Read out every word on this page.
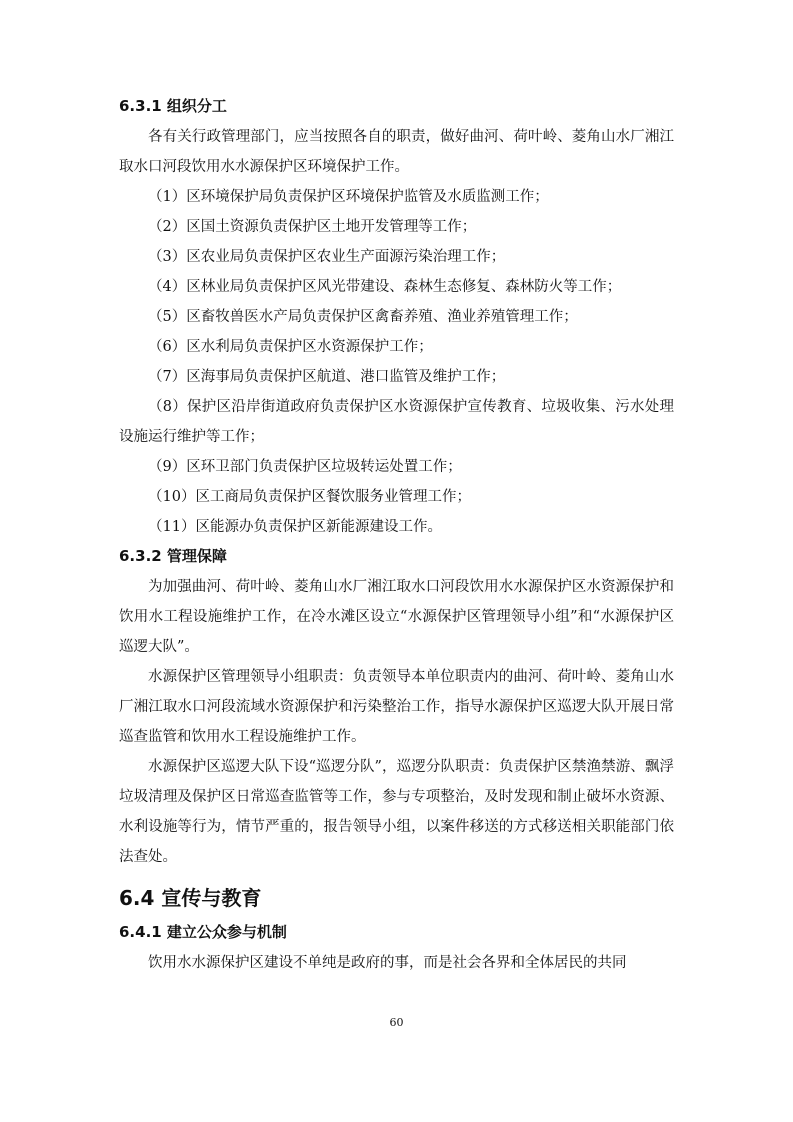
6.3.1 组织分工

各有关行政管理部门，应当按照各自的职责，做好曲河、荷叶岭、菱角山水厂湘江取水口河段饮用水水源保护区环境保护工作。

（1）区环境保护局负责保护区环境保护监管及水质监测工作；

（2）区国土资源负责保护区土地开发管理等工作；

（3）区农业局负责保护区农业生产面源污染治理工作；

（4）区林业局负责保护区风光带建设、森林生态修复、森林防火等工作；

（5）区畜牧兽医水产局负责保护区禽畜养殖、渔业养殖管理工作；

（6）区水利局负责保护区水资源保护工作；

（7）区海事局负责保护区航道、港口监管及维护工作；

（8）保护区沿岸街道政府负责保护区水资源保护宣传教育、垃圾收集、污水处理设施运行维护等工作；

（9）区环卫部门负责保护区垃圾转运处置工作；

（10）区工商局负责保护区餐饮服务业管理工作；

（11）区能源办负责保护区新能源建设工作。

6.3.2 管理保障

为加强曲河、荷叶岭、菱角山水厂湘江取水口河段饮用水水源保护区水资源保护和饮用水工程设施维护工作，在冷水滩区设立“水源保护区管理领导小组”和“水源保护区巡逻大队”。

水源保护区管理领导小组职责：负责领导本单位职责内的曲河、荷叶岭、菱角山水厂湘江取水口河段流域水资源保护和污染整治工作，指导水源保护区巡逻大队开展日常巡查监管和饮用水工程设施维护工作。

水源保护区巡逻大队下设“巡逻分队”，巡逻分队职责：负责保护区禁渔禁游、飘浮垃圾清理及保护区日常巡查监管等工作，参与专项整治，及时发现和制止破坏水资源、水利设施等行为，情节严重的，报告领导小组，以案件移送的方式移送相关职能部门依法查处。

6.4 宣传与教育
6.4.1 建立公众参与机制

饮用水水源保护区建设不单纯是政府的事，而是社会各界和全体居民的共同

60
